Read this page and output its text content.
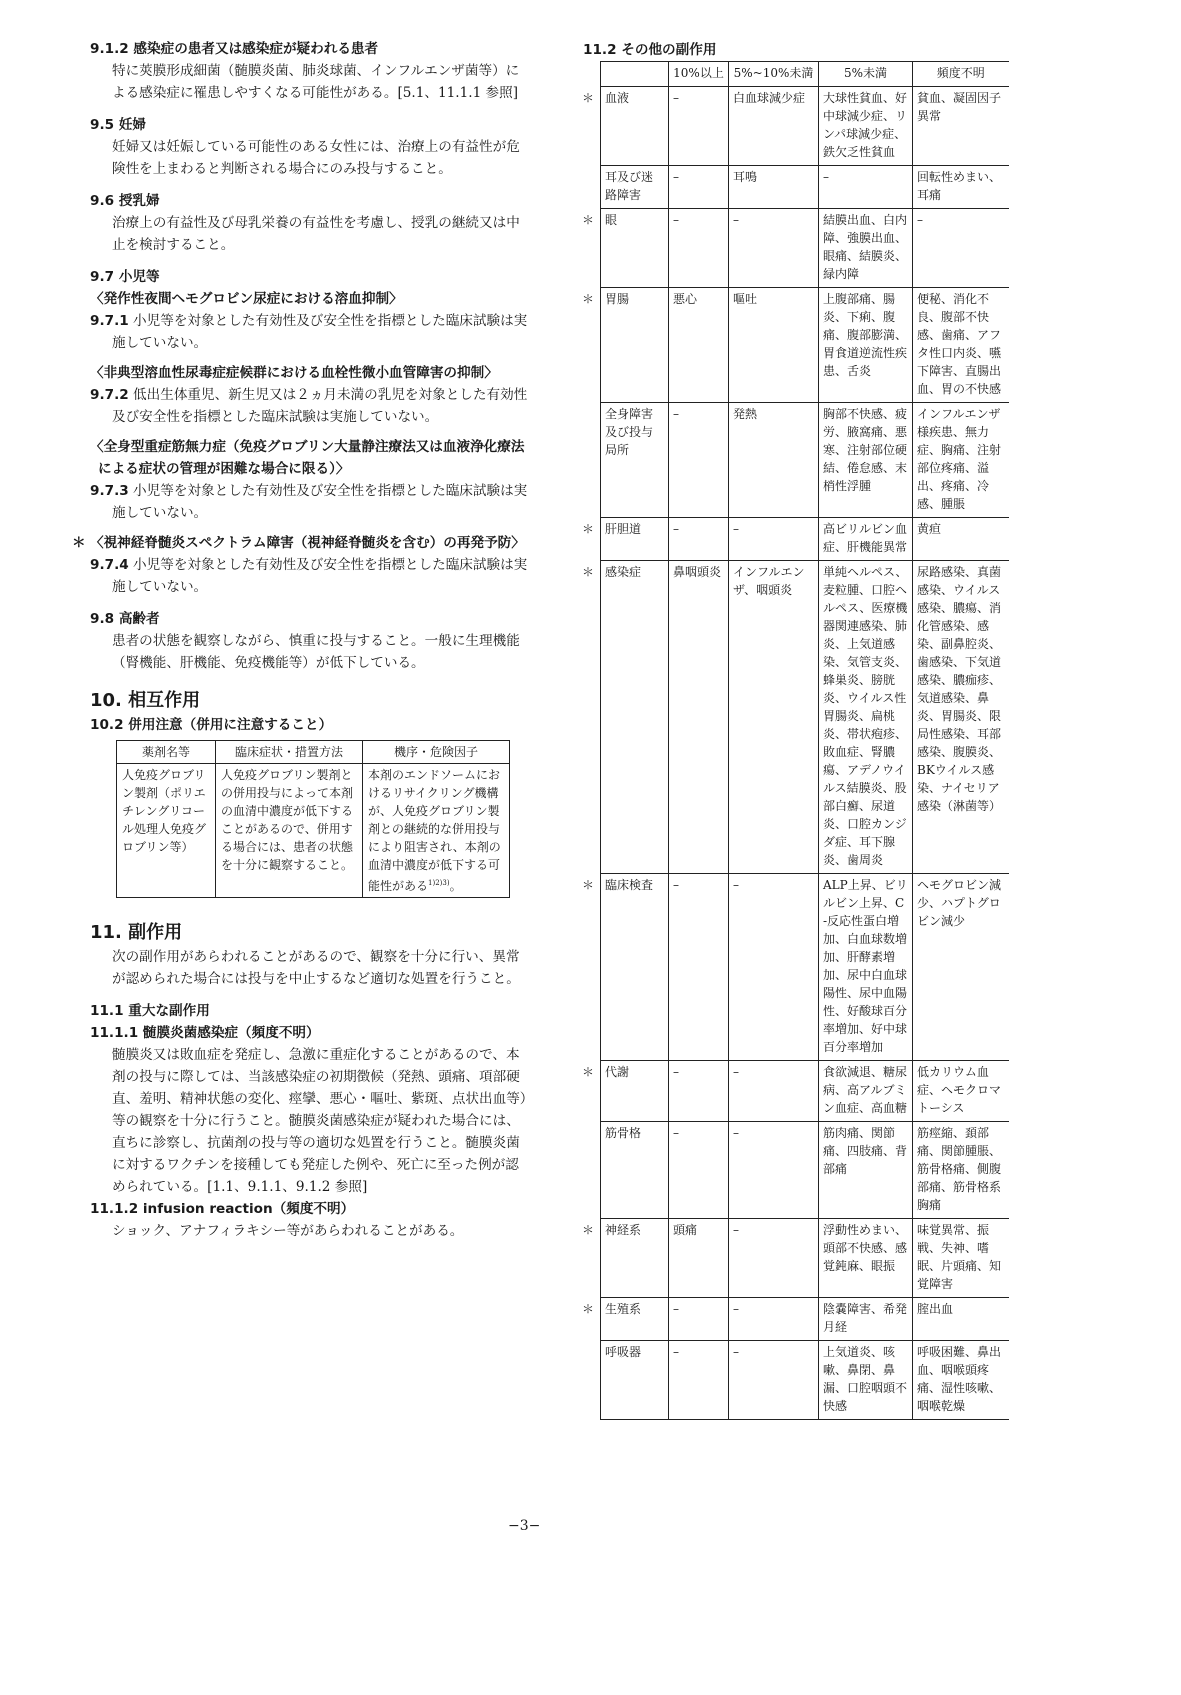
9.1.2 感染症の患者又は感染症が疑われる患者

特に莢膜形成細菌（髄膜炎菌、肺炎球菌、インフルエンザ菌等）による感染症に罹患しやすくなる可能性がある。[5.1、11.1.1 参照]

9.5 妊婦

妊婦又は妊娠している可能性のある女性には、治療上の有益性が危険性を上まわると判断される場合にのみ投与すること。

9.6 授乳婦

治療上の有益性及び母乳栄養の有益性を考慮し、授乳の継続又は中止を検討すること。

9.7 小児等

〈発作性夜間ヘモグロビン尿症における溶血抑制〉

9.7.1 小児等を対象とした有効性及び安全性を指標とした臨床試験は実施していない。

〈非典型溶血性尿毒症症候群における血栓性微小血管障害の抑制〉

9.7.2 低出生体重児、新生児又は２ヵ月未満の乳児を対象とした有効性及び安全性を指標とした臨床試験は実施していない。

〈全身型重症筋無力症（免疫グロブリン大量静注療法又は血液浄化療法による症状の管理が困難な場合に限る）〉

9.7.3 小児等を対象とした有効性及び安全性を指標とした臨床試験は実施していない。

＊ 〈視神経脊髄炎スペクトラム障害（視神経脊髄炎を含む）の再発予防〉

9.7.4 小児等を対象とした有効性及び安全性を指標とした臨床試験は実施していない。

9.8 高齢者

患者の状態を観察しながら、慎重に投与すること。一般に生理機能（腎機能、肝機能、免疫機能等）が低下している。

10. 相互作用

10.2 併用注意（併用に注意すること）

薬剤名等	臨床症状・措置方法	機序・危険因子
人免疫グロブリン製剤（ポリエチレングリコール処理人免疫グロブリン等）	人免疫グロブリン製剤との併用投与によって本剤の血清中濃度が低下することがあるので、併用する場合には、患者の状態を十分に観察すること。	本剤のエンドソームにおけるリサイクリング機構が、人免疫グロブリン製剤との継続的な併用投与により阻害され、本剤の血清中濃度が低下する可能性がある$^{1)2)3)}$。

11. 副作用

次の副作用があらわれることがあるので、観察を十分に行い、異常が認められた場合には投与を中止するなど適切な処置を行うこと。

11.1 重大な副作用

11.1.1 髄膜炎菌感染症（頻度不明）

髄膜炎又は敗血症を発症し、急激に重症化することがあるので、本剤の投与に際しては、当該感染症の初期徴候（発熱、頭痛、項部硬直、羞明、精神状態の変化、痙攣、悪心・嘔吐、紫斑、点状出血等）等の観察を十分に行うこと。髄膜炎菌感染症が疑われた場合には、直ちに診察し、抗菌剤の投与等の適切な処置を行うこと。髄膜炎菌に対するワクチンを接種しても発症した例や、死亡に至った例が認められている。[1.1、9.1.1、9.1.2 参照]

11.1.2 infusion reaction（頻度不明）

ショック、アナフィラキシー等があらわれることがある。

11.2 その他の副作用

	10%以上	5%~10%未満	5%未満	頻度不明

＊ 血液	–	白血球減少症	大球性貧血、好中球減少症、リンパ球減少症、鉄欠乏性貧血	貧血、凝固因子異常
耳及び迷路障害	–	耳鳴	–	回転性めまい、耳痛

＊ 眼	–	–	結膜出血、白内障、強膜出血、眼痛、結膜炎、緑内障	–

＊ 胃腸	悪心	嘔吐	上腹部痛、腸炎、下痢、腹痛、腹部膨満、胃食道逆流性疾患、舌炎	便秘、消化不良、腹部不快感、歯痛、アフタ性口内炎、嚥下障害、直腸出血、胃の不快感
全身障害及び投与局所	–	発熱	胸部不快感、疲労、腋窩痛、悪寒、注射部位硬結、倦怠感、末梢性浮腫	インフルエンザ様疾患、無力症、胸痛、注射部位疼痛、溢出、疼痛、冷感、腫脹

＊ 肝胆道	–	–	高ビリルビン血症、肝機能異常	黄疸

＊ 感染症	鼻咽頭炎	インフルエンザ、咽頭炎	単純ヘルペス、麦粒腫、口腔ヘルペス、医療機器関連感染、肺炎、上気道感染、気管支炎、蜂巣炎、膀胱炎、ウイルス性胃腸炎、扁桃炎、帯状疱疹、敗血症、腎膿瘍、アデノウイルス結膜炎、股部白癬、尿道炎、口腔カンジダ症、耳下腺炎、歯周炎	尿路感染、真菌感染、ウイルス感染、膿瘍、消化管感染、感染、副鼻腔炎、歯感染、下気道感染、膿痂疹、気道感染、鼻炎、胃腸炎、限局性感染、耳部感染、腹膜炎、BKウイルス感染、ナイセリア感染（淋菌等）

＊ 臨床検査	–	–	ALP上昇、ビリルビン上昇、C-反応性蛋白増加、白血球数増加、肝酵素増加、尿中白血球陽性、尿中血陽性、好酸球百分率増加、好中球百分率増加	ヘモグロビン減少、ハプトグロビン減少

＊ 代謝	–	–	食欲減退、糖尿病、高アルブミン血症、高血糖	低カリウム血症、ヘモクロマトーシス
筋骨格	–	–	筋肉痛、関節痛、四肢痛、背部痛	筋痙縮、頚部痛、関節腫脹、筋骨格痛、側腹部痛、筋骨格系胸痛

＊ 神経系	頭痛	–	浮動性めまい、頭部不快感、感覚鈍麻、眼振	味覚異常、振戦、失神、嗜眠、片頭痛、知覚障害

＊ 生殖系	–	–	陰嚢障害、希発月経	腟出血
呼吸器	–	–	上気道炎、咳嗽、鼻閉、鼻漏、口腔咽頭不快感	呼吸困難、鼻出血、咽喉頭疼痛、湿性咳嗽、咽喉乾燥
−3−
